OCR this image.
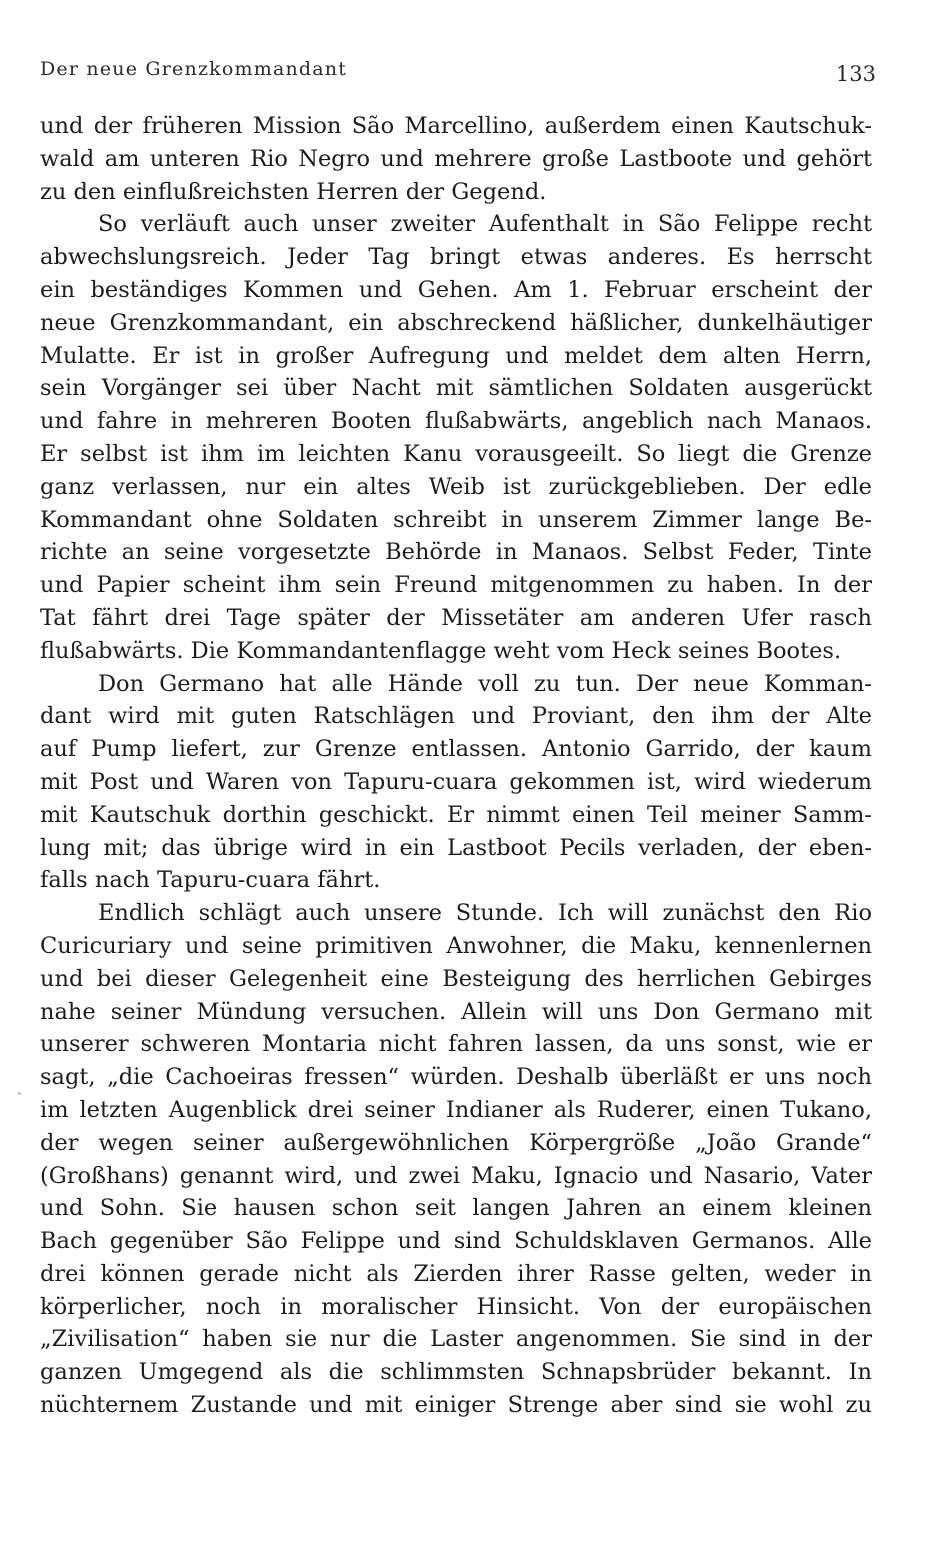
Der neue Grenzkommandant	133
und der früheren Mission São Marcellino, außerdem einen Kautschuk-
wald am unteren Rio Negro und mehrere große Lastboote und gehört
zu den einflußreichsten Herren der Gegend.
So verläuft auch unser zweiter Aufenthalt in São Felippe recht
abwechslungsreich. Jeder Tag bringt etwas anderes. Es herrscht
ein beständiges Kommen und Gehen. Am 1. Februar erscheint der
neue Grenzkommandant, ein abschreckend häßlicher, dunkelhäutiger
Mulatte. Er ist in großer Aufregung und meldet dem alten Herrn,
sein Vorgänger sei über Nacht mit sämtlichen Soldaten ausgerückt
und fahre in mehreren Booten flußabwärts, angeblich nach Manaos.
Er selbst ist ihm im leichten Kanu vorausgeeilt. So liegt die Grenze
ganz verlassen, nur ein altes Weib ist zurückgeblieben. Der edle
Kommandant ohne Soldaten schreibt in unserem Zimmer lange Be-
richte an seine vorgesetzte Behörde in Manaos. Selbst Feder, Tinte
und Papier scheint ihm sein Freund mitgenommen zu haben. In der
Tat fährt drei Tage später der Missetäter am anderen Ufer rasch
flußabwärts. Die Kommandantenflagge weht vom Heck seines Bootes.
Don Germano hat alle Hände voll zu tun. Der neue Komman-
dant wird mit guten Ratschlägen und Proviant, den ihm der Alte
auf Pump liefert, zur Grenze entlassen. Antonio Garrido, der kaum
mit Post und Waren von Tapuru-cuara gekommen ist, wird wiederum
mit Kautschuk dorthin geschickt. Er nimmt einen Teil meiner Samm-
lung mit; das übrige wird in ein Lastboot Pecils verladen, der eben-
falls nach Tapuru-cuara fährt.
Endlich schlägt auch unsere Stunde. Ich will zunächst den Rio
Curicuriary und seine primitiven Anwohner, die Maku, kennenlernen
und bei dieser Gelegenheit eine Besteigung des herrlichen Gebirges
nahe seiner Mündung versuchen. Allein will uns Don Germano mit
unserer schweren Montaria nicht fahren lassen, da uns sonst, wie er
sagt, „die Cachoeiras fressen“ würden. Deshalb überläßt er uns noch
im letzten Augenblick drei seiner Indianer als Ruderer, einen Tukano,
der wegen seiner außergewöhnlichen Körpergröße „João Grande“
(Großhans) genannt wird, und zwei Maku, Ignacio und Nasario, Vater
und Sohn. Sie hausen schon seit langen Jahren an einem kleinen
Bach gegenüber São Felippe und sind Schuldsklaven Germanos. Alle
drei können gerade nicht als Zierden ihrer Rasse gelten, weder in
körperlicher, noch in moralischer Hinsicht. Von der europäischen
„Zivilisation“ haben sie nur die Laster angenommen. Sie sind in der
ganzen Umgegend als die schlimmsten Schnapsbrüder bekannt. In
nüchternem Zustande und mit einiger Strenge aber sind sie wohl zu
